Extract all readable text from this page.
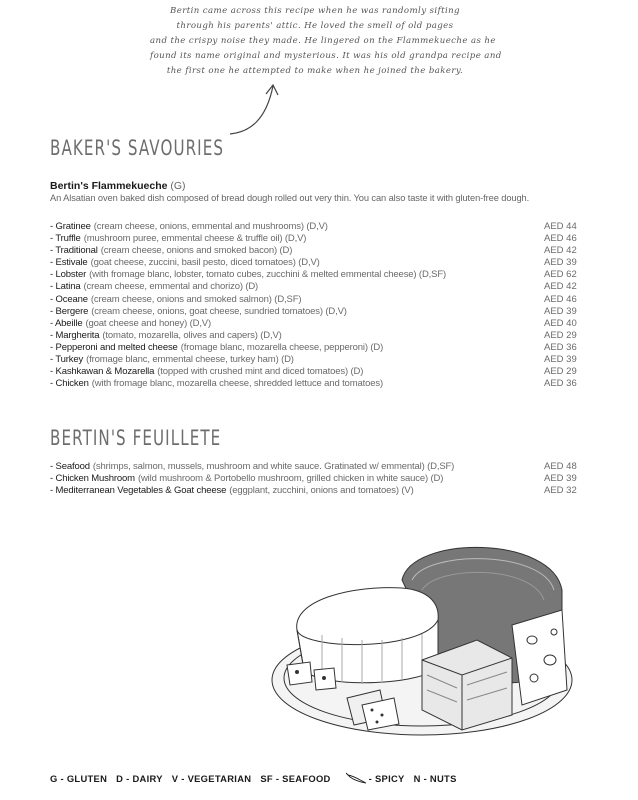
Bertin came across this recipe when he was randomly sifting
through his parents' attic. He loved the smell of old pages
and the crispy noise they made. He lingered on the Flammekueche as he
found its name original and mysterious. It was his old grandpa recipe and
the first one he attempted to make when he joined the bakery.
BAKER'S SAVOURIES
Bertin's Flammekueche (G)
An Alsatian oven baked dish composed of bread dough rolled out very thin. You can also taste it with gluten-free dough.
- Gratinee (cream cheese, onions, emmental and mushrooms) (D,V)	AED 44
- Truffle (mushroom puree, emmental cheese & truffle oil) (D,V)	AED 46
- Traditional (cream cheese, onions and smoked bacon) (D)	AED 42
- Estivale (goat cheese, zuccini, basil pesto, diced tomatoes) (D,V)	AED 39
- Lobster (with fromage blanc, lobster, tomato cubes, zucchini & melted emmental cheese) (D,SF)	AED 62
- Latina (cream cheese, emmental and chorizo) (D)	AED 42
- Oceane (cream cheese, onions and smoked salmon) (D,SF)	AED 46
- Bergere (cream cheese, onions, goat cheese, sundried tomatoes) (D,V)	AED 39
- Abeille (goat cheese and honey) (D,V)	AED 40
- Margherita (tomato, mozarella, olives and capers) (D,V)	AED 29
- Pepperoni and melted cheese (fromage blanc, mozarella cheese, pepperoni) (D)	AED 36
- Turkey (fromage blanc, emmental cheese, turkey ham) (D)	AED 39
- Kashkawan & Mozarella (topped with crushed mint and diced tomatoes) (D)	AED 29
- Chicken (with fromage blanc, mozarella cheese, shredded lettuce and tomatoes)	AED 36
BERTIN'S FEUILLETE
- Seafood (shrimps, salmon, mussels, mushroom and white sauce. Gratinated w/ emmental) (D,SF)	AED 48
- Chicken Mushroom (wild mushroom & Portobello mushroom, grilled chicken in white sauce) (D)	AED 39
- Mediterranean Vegetables & Goat cheese (eggplant, zucchini, onions and tomatoes) (V)	AED 32
G - GLUTEN D - DAIRY V - VEGETARIAN SF - SEAFOOD	- SPICY N - NUTS
